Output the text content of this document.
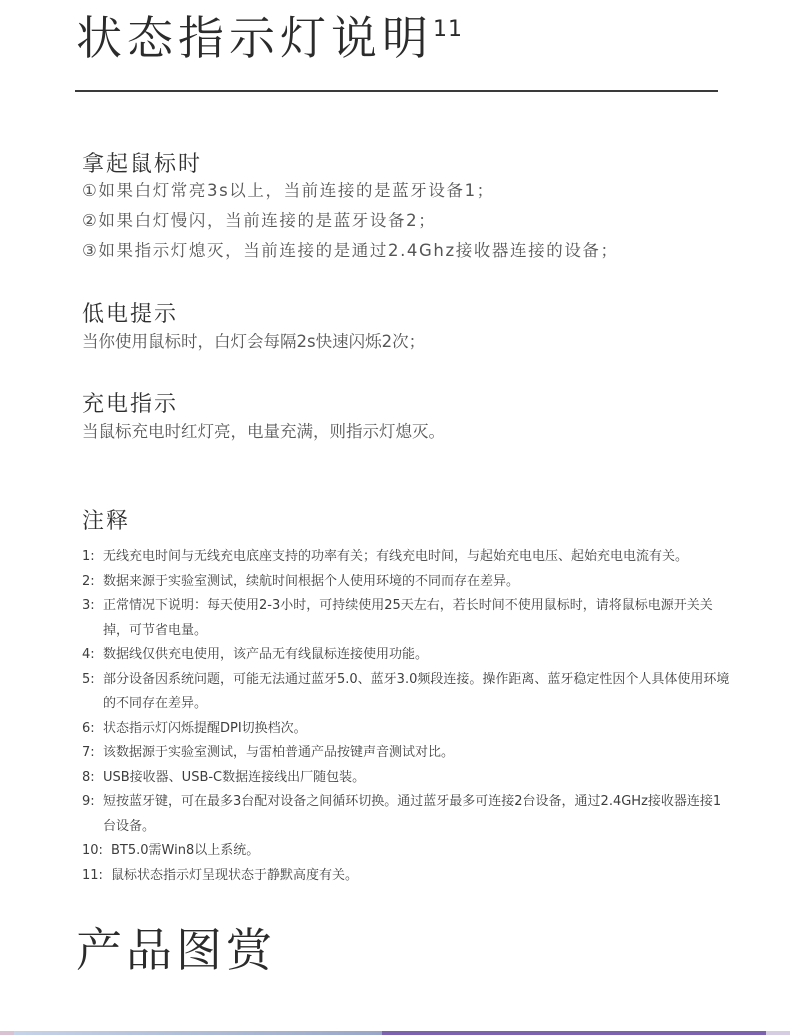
状态指示灯说明$^{11}$
拿起鼠标时
①如果白灯常亮3s以上，当前连接的是蓝牙设备1；
②如果白灯慢闪，当前连接的是蓝牙设备2；
③如果指示灯熄灭，当前连接的是通过2.4Ghz接收器连接的设备；
低电提示
当你使用鼠标时，白灯会每隔2s快速闪烁2次；
充电指示
当鼠标充电时红灯亮，电量充满，则指示灯熄灭。
注释
1: 无线充电时间与无线充电底座支持的功率有关；有线充电时间，与起始充电电压、起始充电电流有关。
2: 数据来源于实验室测试，续航时间根据个人使用环境的不同而存在差异。
3: 正常情况下说明：每天使用2-3小时，可持续使用25天左右，若长时间不使用鼠标时，请将鼠标电源开关关掉，可节省电量。
4: 数据线仅供充电使用，该产品无有线鼠标连接使用功能。
5: 部分设备因系统问题，可能无法通过蓝牙5.0、蓝牙3.0频段连接。操作距离、蓝牙稳定性因个人具体使用环境的不同存在差异。
6: 状态指示灯闪烁提醒DPI切换档次。
7: 该数据源于实验室测试，与雷柏普通产品按键声音测试对比。
8: USB接收器、USB-C数据连接线出厂随包装。
9: 短按蓝牙键，可在最多3台配对设备之间循环切换。通过蓝牙最多可连接2台设备，通过2.4GHz接收器连接1台设备。
10: BT5.0需Win8以上系统。
11: 鼠标状态指示灯呈现状态于静默高度有关。
产品图赏
